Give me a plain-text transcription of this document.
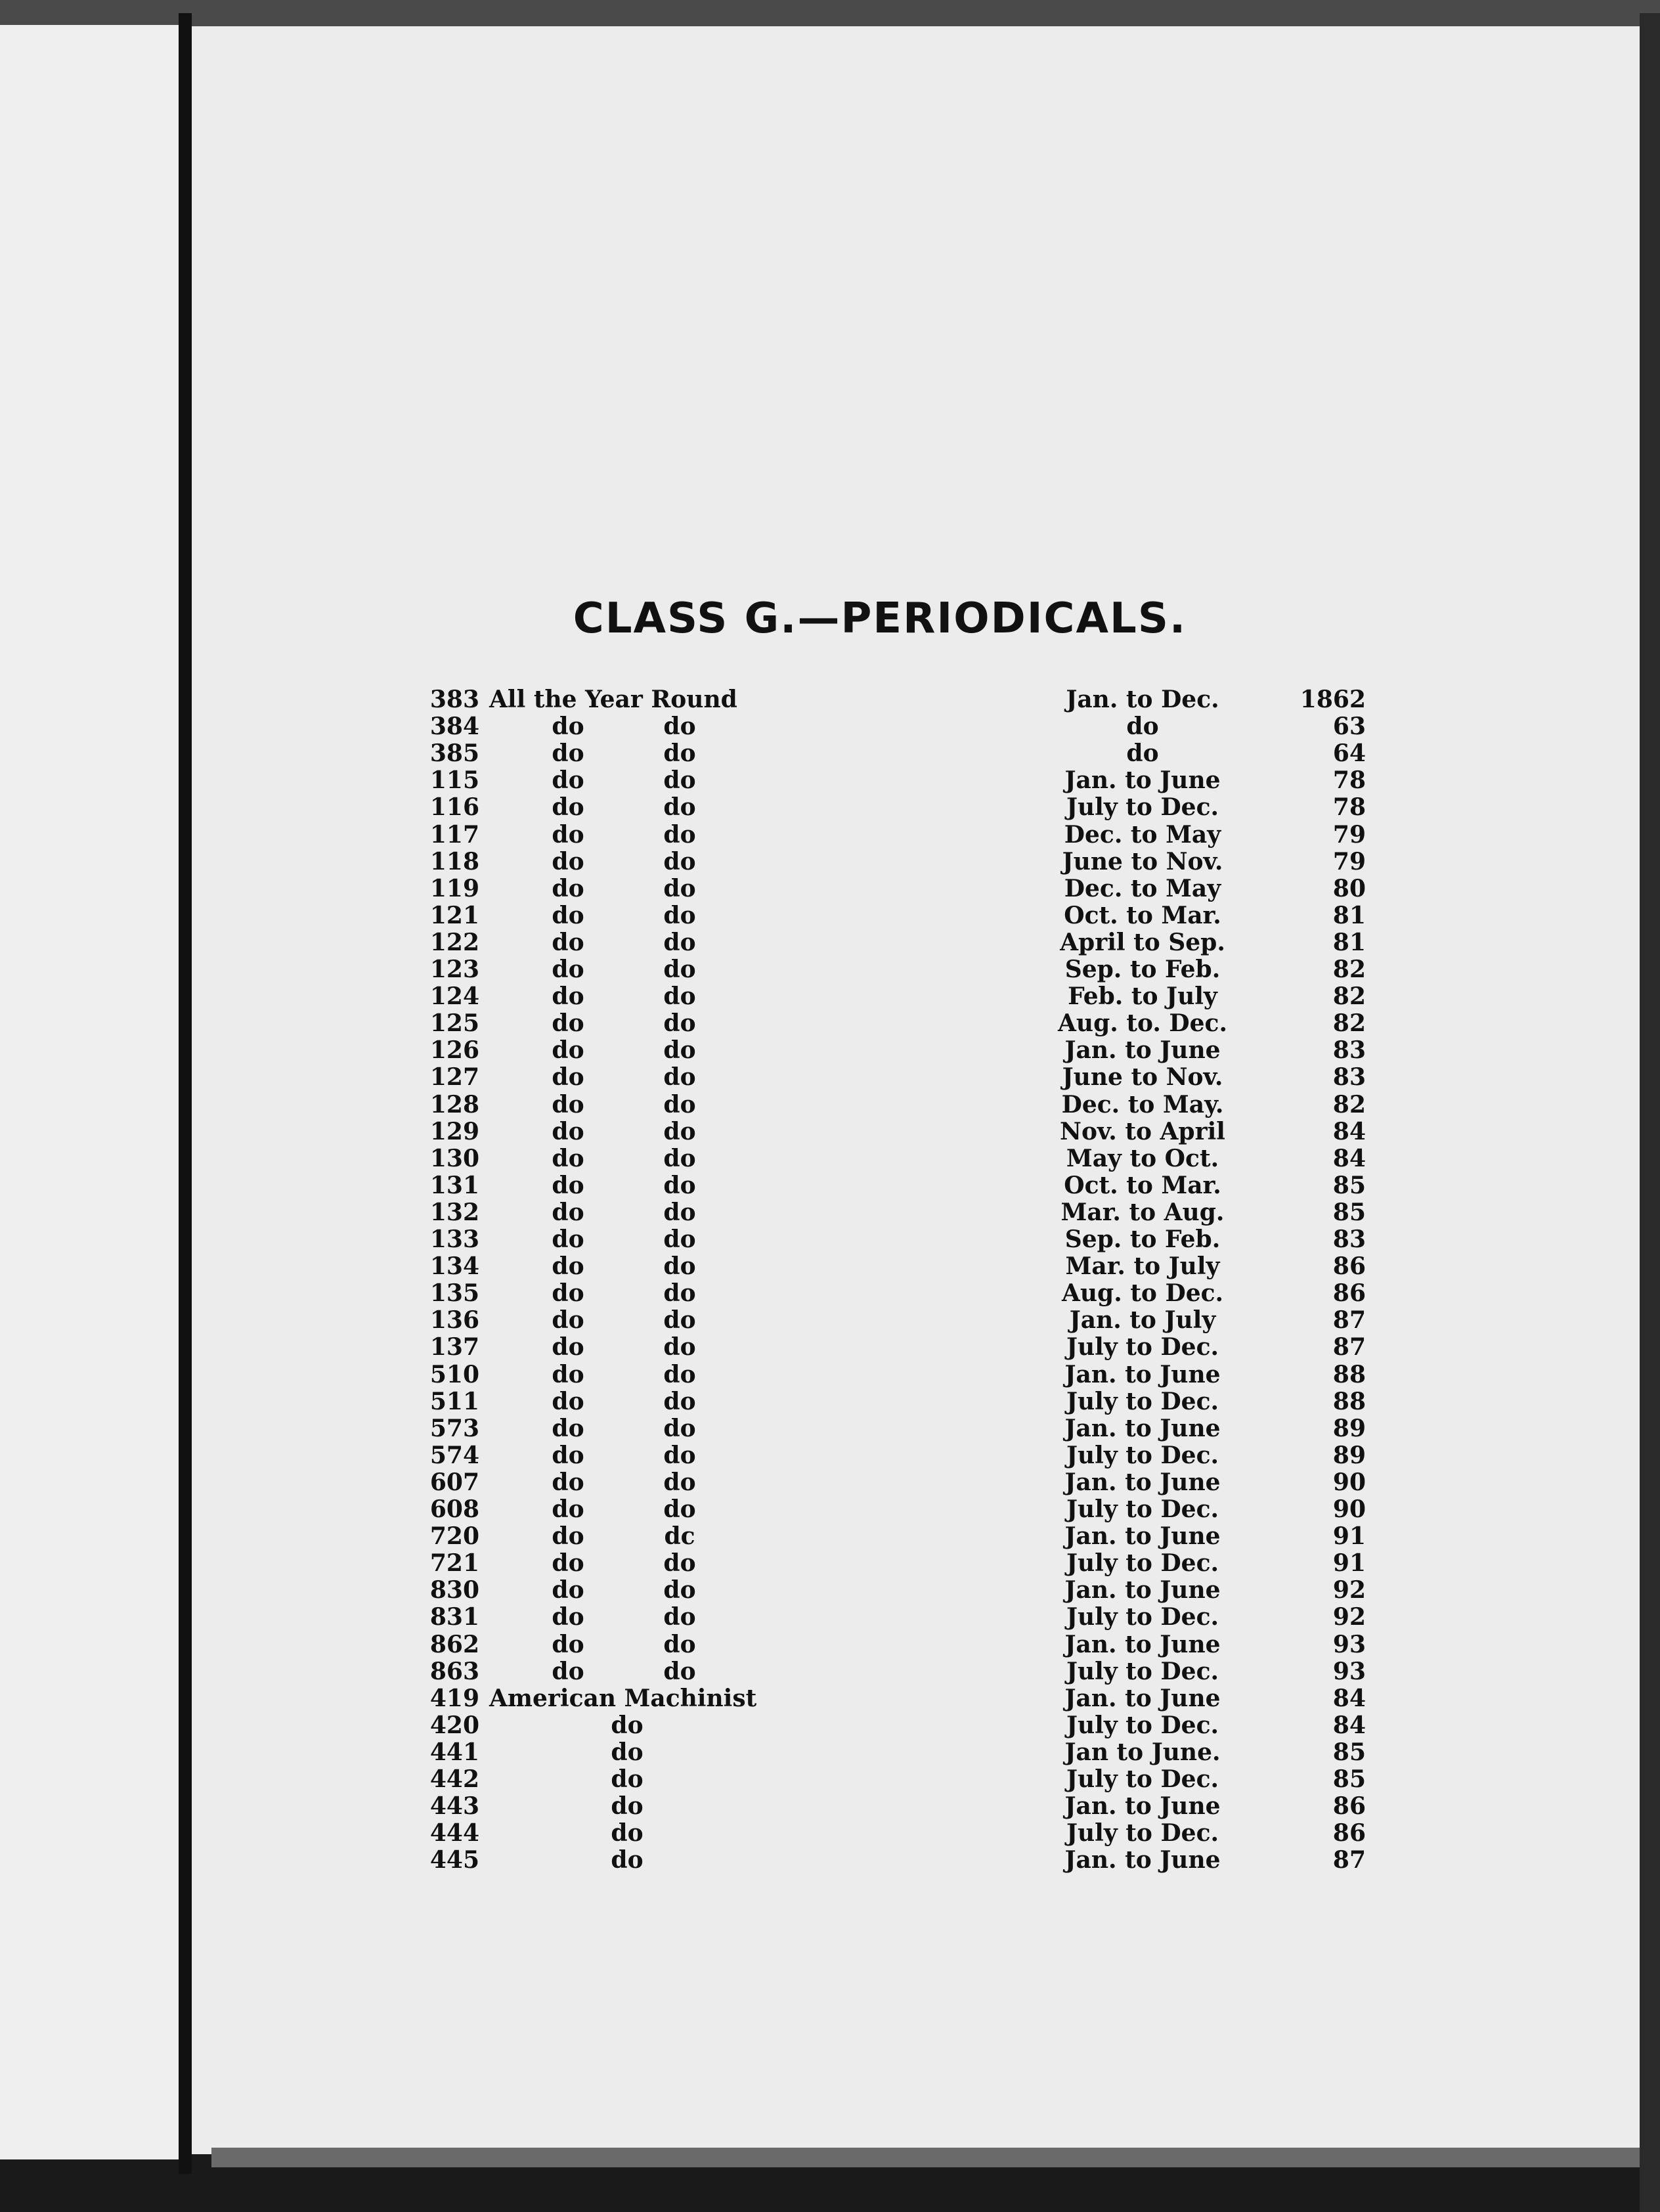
CLASS G.—PERIODICALS.
383 All the Year Round	Jan. to Dec.	1862
384	do	do	do	63
385	do	do	do	64
115	do	do	Jan. to June	78
116	do	do	July to Dec.	78
117	do	do	Dec. to May	79
118	do	do	June to Nov.	79
119	do	do	Dec. to May	80
121	do	do	Oct. to Mar.	81
122	do	do	April to Sep.	81
123	do	do	Sep. to Feb.	82
124	do	do	Feb. to July	82
125	do	do	Aug. to. Dec.	82
126	do	do	Jan. to June	83
127	do	do	June to Nov.	83
128	do	do	Dec. to May.	82
129	do	do	Nov. to April	84
130	do	do	May to Oct.	84
131	do	do	Oct. to Mar.	85
132	do	do	Mar. to Aug.	85
133	do	do	Sep. to Feb.	83
134	do	do	Mar. to July	86
135	do	do	Aug. to Dec.	86
136	do	do	Jan. to July	87
137	do	do	July to Dec.	87
510	do	do	Jan. to June	88
511	do	do	July to Dec.	88
573	do	do	Jan. to June	89
574	do	do	July to Dec.	89
607	do	do	Jan. to June	90
608	do	do	July to Dec.	90
720	do	dc	Jan. to June	91
721	do	do	July to Dec.	91
830	do	do	Jan. to June	92
831	do	do	July to Dec.	92
862	do	do	Jan. to June	93
863	do	do	July to Dec.	93
419 American Machinist	Jan. to June	84
420	do	July to Dec.	84
441	do	Jan to June.	85
442	do	July to Dec.	85
443	do	Jan. to June	86
444	do	July to Dec.	86
445	do	Jan. to June	87
